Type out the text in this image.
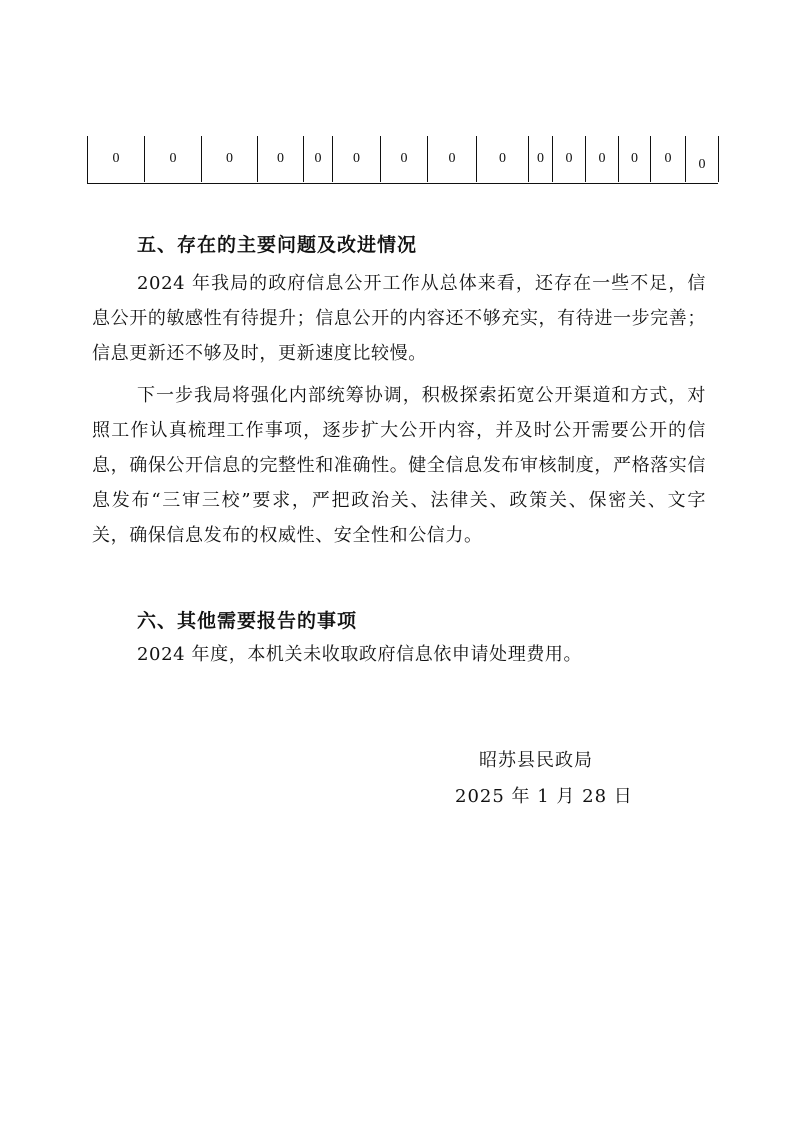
0	0	0	0	0	0	0	0	0	0	0	0	0	0	0
五、存在的主要问题及改进情况
2024 年我局的政府信息公开工作从总体来看，还存在一些不足，信息公开的敏感性有待提升；信息公开的内容还不够充实，有待进一步完善；信息更新还不够及时，更新速度比较慢。
下一步我局将强化内部统筹协调，积极探索拓宽公开渠道和方式，对照工作认真梳理工作事项，逐步扩大公开内容，并及时公开需要公开的信息，确保公开信息的完整性和准确性。健全信息发布审核制度，严格落实信息发布“三审三校”要求，严把政治关、法律关、政策关、保密关、文字关，确保信息发布的权威性、安全性和公信力。
六、其他需要报告的事项
2024 年度，本机关未收取政府信息依申请处理费用。
昭苏县民政局
2025 年 1 月 28 日
